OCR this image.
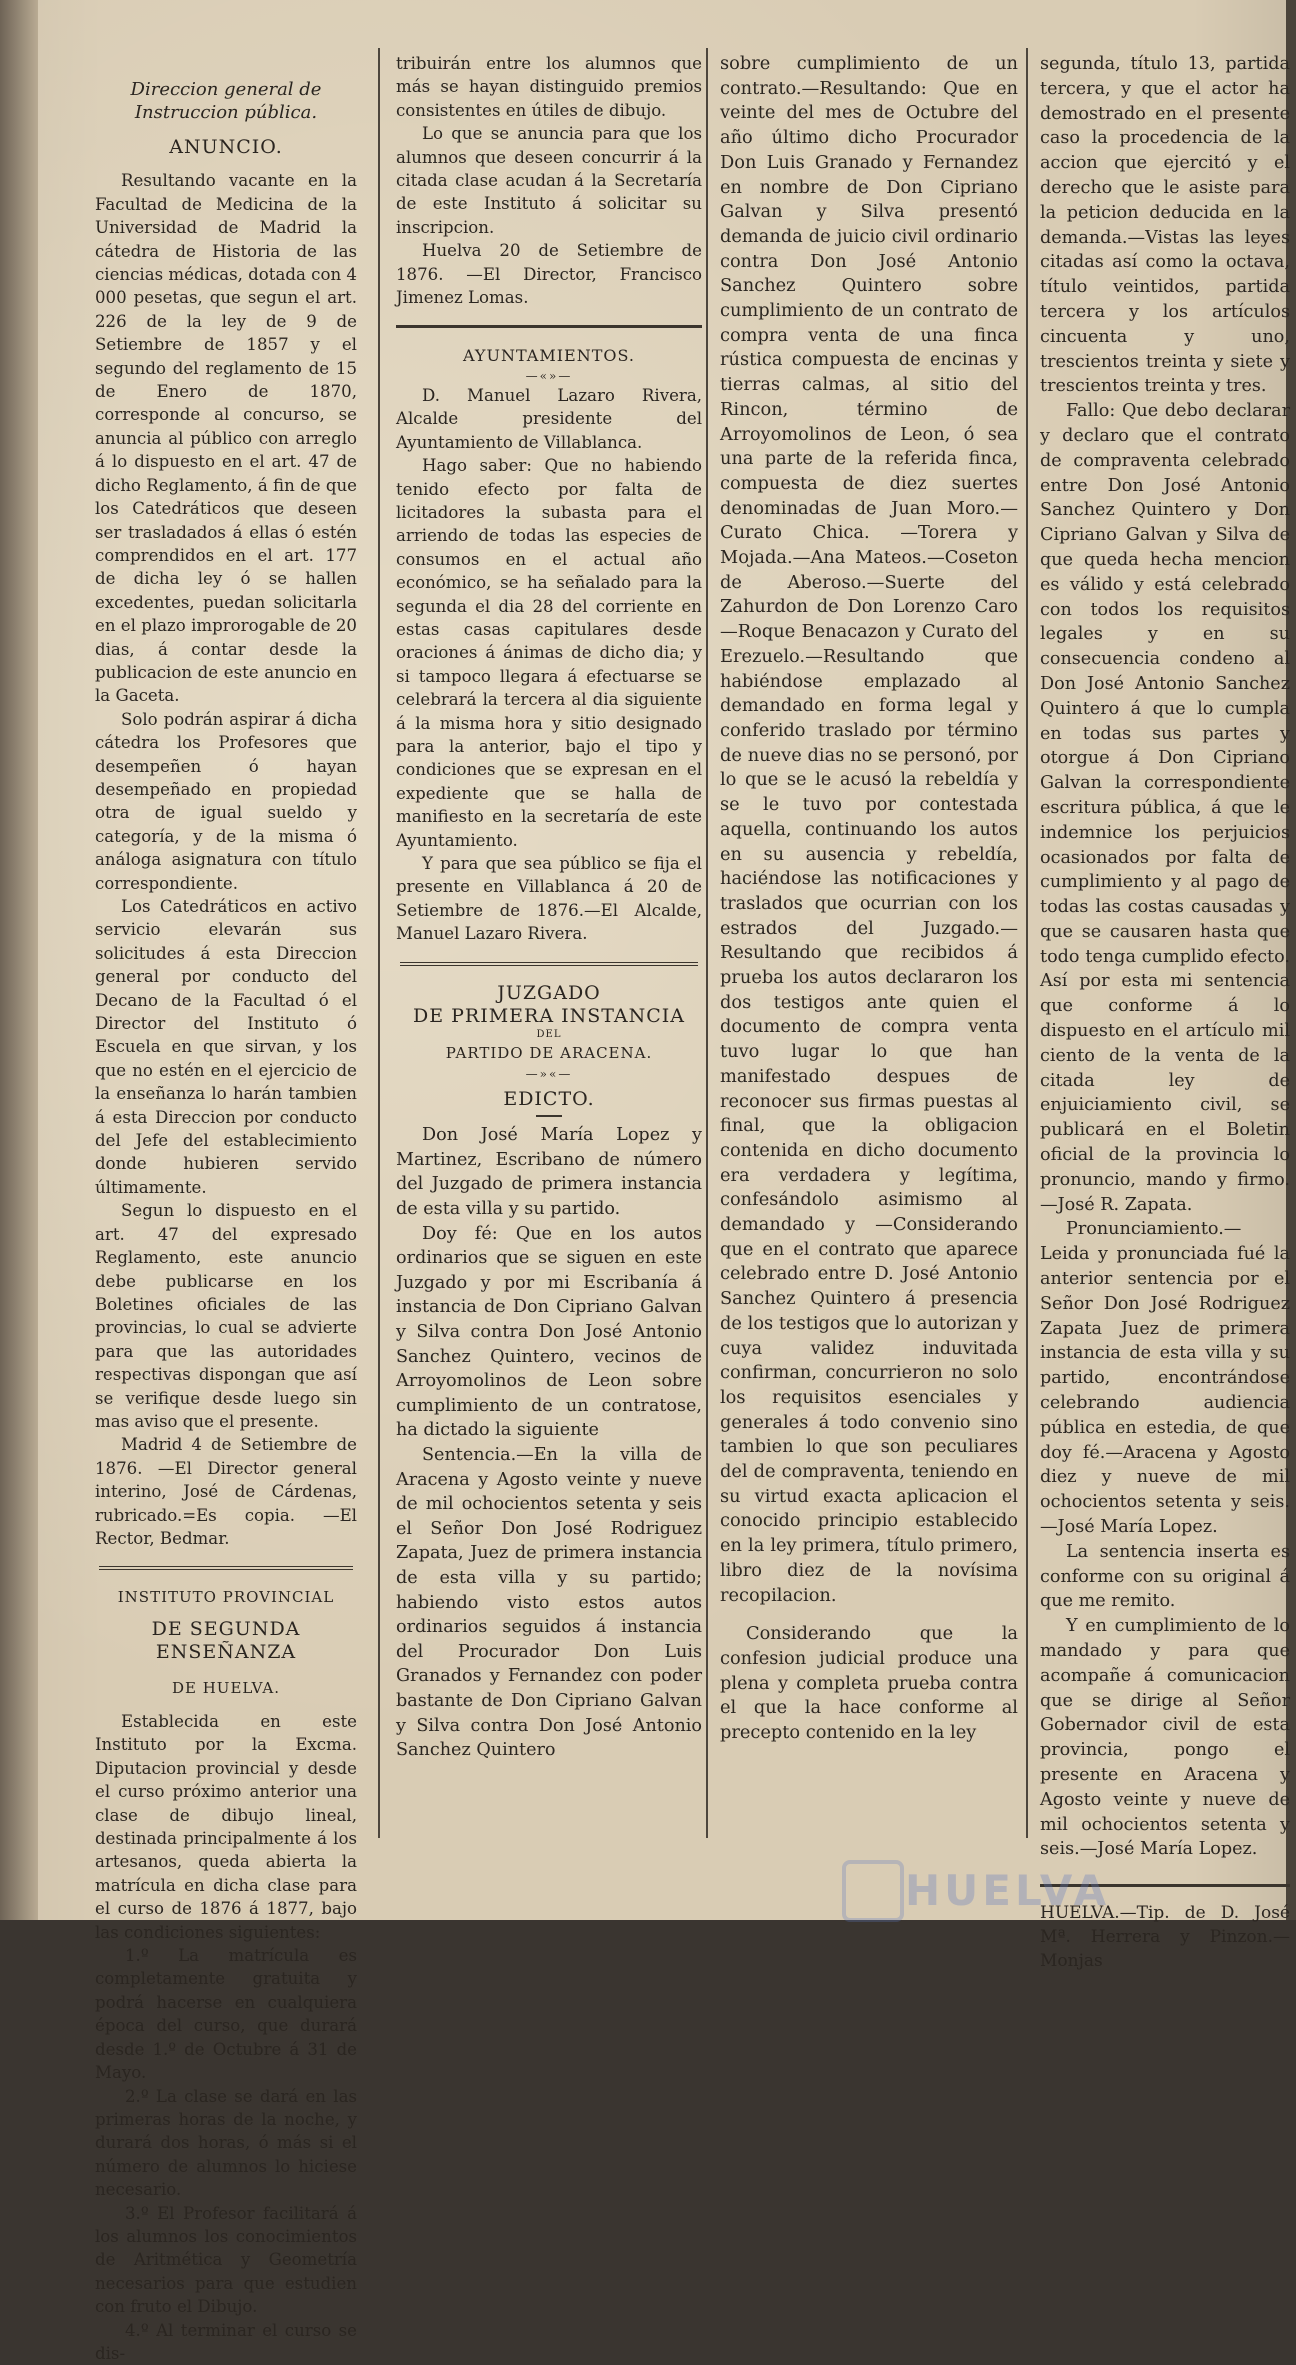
Direccion general de Instruccion pública.
ANUNCIO.

Resultando vacante en la Facultad de Medicina de la Universidad de Madrid la cátedra de Historia de las ciencias médicas, dotada con 4 000 pesetas, que segun el art. 226 de la ley de 9 de Setiembre de 1857 y el segundo del reglamento de 15 de Enero de 1870, corresponde al concurso, se anuncia al público con arreglo á lo dispuesto en el art. 47 de dicho Reglamento, á fin de que los Catedráticos que deseen ser trasladados á ellas ó estén comprendidos en el art. 177 de dicha ley ó se hallen excedentes, puedan solicitarla en el plazo improrogable de 20 dias, á contar desde la publicacion de este anuncio en la Gaceta.

Solo podrán aspirar á dicha cátedra los Profesores que desempeñen ó hayan desempeñado en propiedad otra de igual sueldo y categoría, y de la misma ó análoga asignatura con título correspondiente.

Los Catedráticos en activo servicio elevarán sus solicitudes á esta Direccion general por conducto del Decano de la Facultad ó el Director del Instituto ó Escuela en que sirvan, y los que no estén en el ejercicio de la enseñanza lo harán tambien á esta Direccion por conducto del Jefe del establecimiento donde hubieren servido últimamente.

Segun lo dispuesto en el art. 47 del expresado Reglamento, este anuncio debe publicarse en los Boletines oficiales de las provincias, lo cual se advierte para que las autoridades respectivas dispongan que así se verifique desde luego sin mas aviso que el presente.

Madrid 4 de Setiembre de 1876. —El Director general interino, José de Cárdenas, rubricado.=Es copia. —El Rector, Bedmar.

INSTITUTO PROVINCIAL
DE SEGUNDA ENSEÑANZA
DE HUELVA.

Establecida en este Instituto por la Excma. Diputacion provincial y desde el curso próximo anterior una clase de dibujo lineal, destinada principalmente á los artesanos, queda abierta la matrícula en dicha clase para el curso de 1876 á 1877, bajo las condiciones siguientes:

1.º La matrícula es completamente gratuita y podrá hacerse en cualquiera época del curso, que durará desde 1.º de Octubre á 31 de Mayo.

2.º La clase se dará en las primeras horas de la noche, y durará dos horas, ó más si el número de alumnos lo hiciese necesario.

3.º El Profesor facilitará á los alumnos los conocimientos de Aritmética y Geometría necesarios para que estudien con fruto el Dibujo.

4.º Al terminar el curso se dis-

tribuirán entre los alumnos que más se hayan distinguido premios consistentes en útiles de dibujo.

Lo que se anuncia para que los alumnos que deseen concurrir á la citada clase acudan á la Secretaría de este Instituto á solicitar su inscripcion.

Huelva 20 de Setiembre de 1876. —El Director, Francisco Jimenez Lomas.

AYUNTAMIENTOS.
—«»—

D. Manuel Lazaro Rivera, Alcalde presidente del Ayuntamiento de Villablanca.

Hago saber: Que no habiendo tenido efecto por falta de licitadores la subasta para el arriendo de todas las especies de consumos en el actual año económico, se ha señalado para la segunda el dia 28 del corriente en estas casas capitulares desde oraciones á ánimas de dicho dia; y si tampoco llegara á efectuarse se celebrará la tercera al dia siguiente á la misma hora y sitio designado para la anterior, bajo el tipo y condiciones que se expresan en el expediente que se halla de manifiesto en la secretaría de este Ayuntamiento.

Y para que sea público se fija el presente en Villablanca á 20 de Setiembre de 1876.—El Alcalde, Manuel Lazaro Rivera.

JUZGADO
DE PRIMERA INSTANCIA
DEL
PARTIDO DE ARACENA.
—»«—
EDICTO.

Don José María Lopez y Martinez, Escribano de número del Juzgado de primera instancia de esta villa y su partido.

Doy fé: Que en los autos ordinarios que se siguen en este Juzgado y por mi Escribanía á instancia de Don Cipriano Galvan y Silva contra Don José Antonio Sanchez Quintero, vecinos de Arroyomolinos de Leon sobre cumplimiento de un contratose, ha dictado la siguiente

Sentencia.—En la villa de Aracena y Agosto veinte y nueve de mil ochocientos setenta y seis el Señor Don José Rodriguez Zapata, Juez de primera instancia de esta villa y su partido; habiendo visto estos autos ordinarios seguidos á instancia del Procurador Don Luis Granados y Fernandez con poder bastante de Don Cipriano Galvan y Silva contra Don José Antonio Sanchez Quintero

sobre cumplimiento de un contrato.—Resultando: Que en veinte del mes de Octubre del año último dicho Procurador Don Luis Granado y Fernandez en nombre de Don Cipriano Galvan y Silva presentó demanda de juicio civil ordinario contra Don José Antonio Sanchez Quintero sobre cumplimiento de un contrato de compra venta de una finca rústica compuesta de encinas y tierras calmas, al sitio del Rincon, término de Arroyomolinos de Leon, ó sea una parte de la referida finca, compuesta de diez suertes denominadas de Juan Moro.—Curato Chica. —Torera y Mojada.—Ana Mateos.—Coseton de Aberoso.—Suerte del Zahurdon de Don Lorenzo Caro —Roque Benacazon y Curato del Erezuelo.—Resultando que habiéndose emplazado al demandado en forma legal y conferido traslado por término de nueve dias no se personó, por lo que se le acusó la rebeldía y se le tuvo por contestada aquella, continuando los autos en su ausencia y rebeldía, haciéndose las notificaciones y traslados que ocurrian con los estrados del Juzgado.—Resultando que recibidos á prueba los autos declararon los dos testigos ante quien el documento de compra venta tuvo lugar lo que han manifestado despues de reconocer sus firmas puestas al final, que la obligacion contenida en dicho documento era verdadera y legítima, confesándolo asimismo al demandado y —Considerando que en el contrato que aparece celebrado entre D. José Antonio Sanchez Quintero á presencia de los testigos que lo autorizan y cuya validez induvitada confirman, concurrieron no solo los requisitos esenciales y generales á todo convenio sino tambien lo que son peculiares del de compraventa, teniendo en su virtud exacta aplicacion el conocido principio establecido en la ley primera, título primero, libro diez de la novísima recopilacion.

Considerando que la confesion judicial produce una plena y completa prueba contra el que la hace conforme al precepto contenido en la ley

segunda, título 13, partida tercera, y que el actor ha demostrado en el presente caso la procedencia de la accion que ejercitó y el derecho que le asiste para la peticion deducida en la demanda.—Vistas las leyes citadas así como la octava, título veintidos, partida tercera y los artículos cincuenta y uno, trescientos treinta y siete y trescientos treinta y tres.

Fallo: Que debo declarar y declaro que el contrato de compraventa celebrado entre Don José Antonio Sanchez Quintero y Don Cipriano Galvan y Silva de que queda hecha mencion es válido y está celebrado con todos los requisitos legales y en su consecuencia condeno al Don José Antonio Sanchez Quintero á que lo cumpla en todas sus partes y otorgue á Don Cipriano Galvan la correspondiente escritura pública, á que le indemnice los perjuicios ocasionados por falta de cumplimiento y al pago de todas las costas causadas y que se causaren hasta que todo tenga cumplido efecto. Así por esta mi sentencia que conforme á lo dispuesto en el artículo mil ciento de la venta de la citada ley de enjuiciamiento civil, se publicará en el Boletin oficial de la provincia lo pronuncio, mando y firmo.—José R. Zapata.

Pronunciamiento.—Leida y pronunciada fué la anterior sentencia por el Señor Don José Rodriguez Zapata Juez de primera instancia de esta villa y su partido, encontrándose celebrando audiencia pública en estedia, de que doy fé.—Aracena y Agosto diez y nueve de mil ochocientos setenta y seis.—José María Lopez.

La sentencia inserta es conforme con su original á que me remito.

Y en cumplimiento de lo mandado y para que acompañe á comunicacion que se dirige al Señor Gobernador civil de esta provincia, pongo el presente en Aracena y Agosto veinte y nueve de mil ochocientos setenta y seis.—José María Lopez.

HUELVA.—Tip. de D. José Mª. Herrera y Pinzon.—Monjas

HUELVA
